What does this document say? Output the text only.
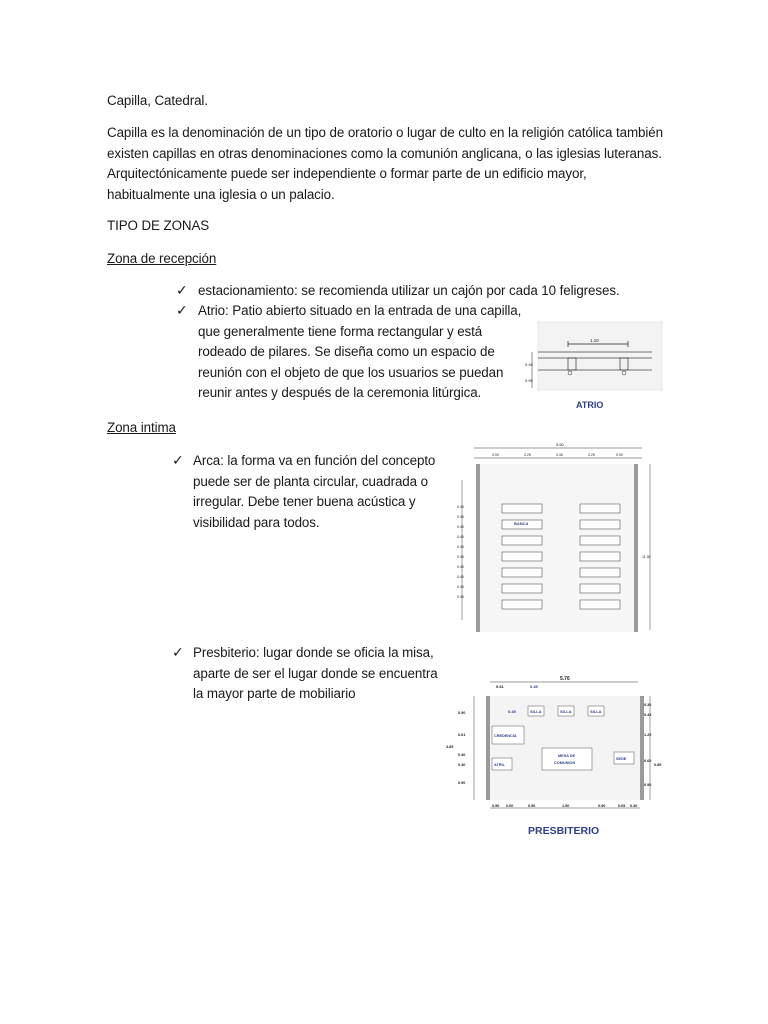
Capilla, Catedral.
Capilla es la denominación de un tipo de oratorio o lugar de culto en la religión católica también
existen capillas en otras denominaciones como la comunión anglicana, o las iglesias luteranas.
Arquitectónicamente puede ser independiente o formar parte de un edificio mayor,
habitualmente una iglesia o un palacio.
TIPO DE ZONAS
Zona de recepción
✓ estacionamiento: se recomienda utilizar un cajón por cada 10 feligreses.
✓ Atrio: Patio abierto situado en la entrada de una capilla,
que generalmente tiene forma rectangular y está
rodeado de pilares. Se diseña como un espacio de
reunión con el objeto de que los usuarios se puedan
reunir antes y después de la ceremonia litúrgica.
1.10
0.45
0.95
ATRIO
Zona intima
✓ Arca: la forma va en función del concepto
puede ser de planta circular, cuadrada o
irregular. Debe tener buena acústica y
visibilidad para todos.
5.60
0.90	2.25	0.45	2.25	0.90
0.45
0.45
0.45
0.45
0.45
0.45
0.45
0.45
0.45
0.45
11.30
BANCA
✓ Presbiterio: lugar donde se oficia la misa,
aparte de ser el lugar donde se encuentra
la mayor parte de mobiliario
5.76
0.61	0.45
0.45	SILLA	SILLA	SILLA
CREDENCIA
MESA DE
COMUNION
ATRIL
SEDE
0.90
0.61
0.40
0.40
0.90
3.85
0.30
0.45
1.20
0.60
0.90
0.85
0.50 0.60	0.90	1.50	0.90	0.65 0.30
PRESBITERIO
